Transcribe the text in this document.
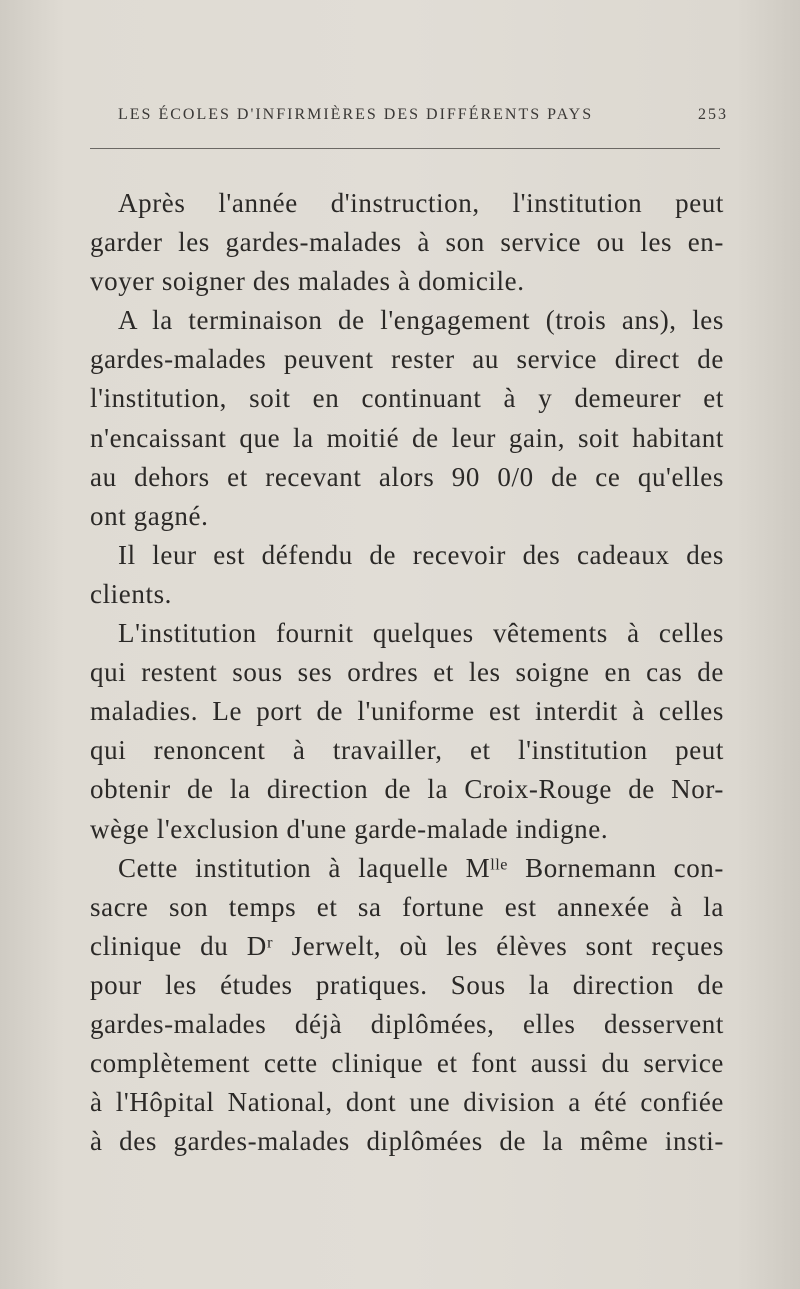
LES ÉCOLES D'INFIRMIÈRES DES DIFFÉRENTS PAYS	253

Après l'année d'instruction, l'institution peut
garder les gardes-malades à son service ou les en-
voyer soigner des malades à domicile.

A la terminaison de l'engagement (trois ans), les
gardes-malades peuvent rester au service direct de
l'institution, soit en continuant à y demeurer et
n'encaissant que la moitié de leur gain, soit habitant
au dehors et recevant alors 90 0/0 de ce qu'elles
ont gagné.

Il leur est défendu de recevoir des cadeaux des
clients.

L'institution fournit quelques vêtements à celles
qui restent sous ses ordres et les soigne en cas de
maladies. Le port de l'uniforme est interdit à celles
qui renoncent à travailler, et l'institution peut
obtenir de la direction de la Croix-Rouge de Nor-
wège l'exclusion d'une garde-malade indigne.

Cette institution à laquelle Mˡˡᵉ Bornemann con-
sacre son temps et sa fortune est annexée à la
clinique du Dʳ Jerwelt, où les élèves sont reçues
pour les études pratiques. Sous la direction de
gardes-malades déjà diplômées, elles desservent
complètement cette clinique et font aussi du service
à l'Hôpital National, dont une division a été confiée
à des gardes-malades diplômées de la même insti-
